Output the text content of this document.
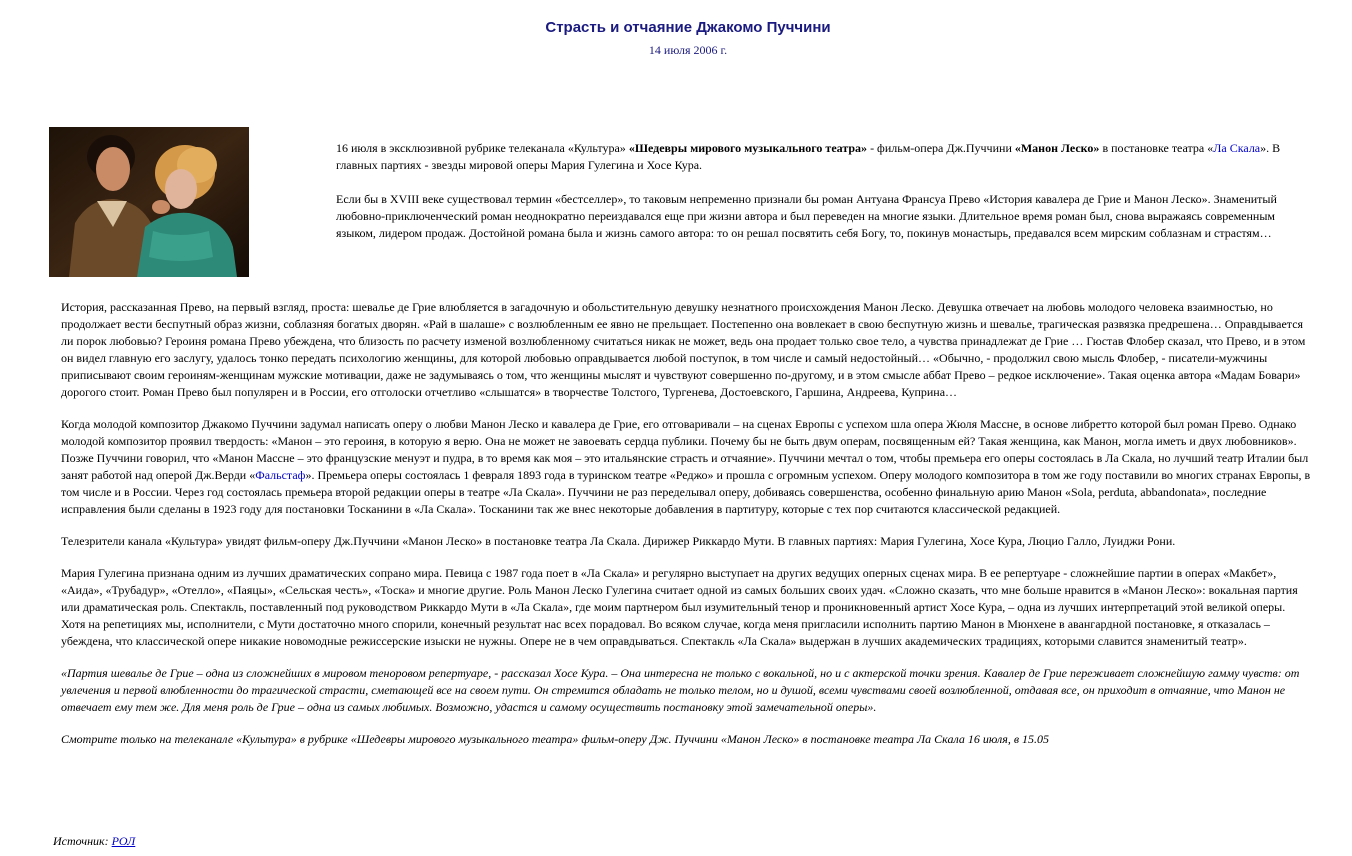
Страсть и отчаяние Джакомо Пуччини
14 июля 2006 г.

16 июля в эксклюзивной рубрике телеканала «Культура» «Шедевры мирового музыкального театра» - фильм-опера Дж.Пуччини «Манон Леско» в постановке театра «Ла Скала». В главных партиях - звезды мировой оперы Мария Гулегина и Хосе Кура.

Если бы в XVIII веке существовал термин «бестселлер», то таковым непременно признали бы роман Антуана Франсуа Прево «История кавалера де Грие и Манон Леско». Знаменитый любовно-приключенческий роман неоднократно переиздавался еще при жизни автора и был переведен на многие языки. Длительное время роман был, снова выражаясь современным языком, лидером продаж. Достойной романа была и жизнь самого автора: то он решал посвятить себя Богу, то, покинув монастырь, предавался всем мирским соблазнам и страстям…

История, рассказанная Прево, на первый взгляд, проста: шевалье де Грие влюбляется в загадочную и обольстительную девушку незнатного происхождения Манон Леско. Девушка отвечает на любовь молодого человека взаимностью, но продолжает вести беспутный образ жизни, соблазняя богатых дворян. «Рай в шалаше» с возлюбленным ее явно не прельщает. Постепенно она вовлекает в свою беспутную жизнь и шевалье, трагическая развязка предрешена… Оправдывается ли порок любовью? Героиня романа Прево убеждена, что близость по расчету изменой возлюбленному считаться никак не может, ведь она продает только свое тело, а чувства принадлежат де Грие … Гюстав Флобер сказал, что Прево, и в этом он видел главную его заслугу, удалось тонко передать психологию женщины, для которой любовью оправдывается любой поступок, в том числе и самый недостойный… «Обычно, - продолжил свою мысль Флобер, - писатели-мужчины приписывают своим героиням-женщинам мужские мотивации, даже не задумываясь о том, что женщины мыслят и чувствуют совершенно по-другому, и в этом смысле аббат Прево – редкое исключение». Такая оценка автора «Мадам Бовари» дорогого стоит. Роман Прево был популярен и в России, его отголоски отчетливо «слышатся» в творчестве Толстого, Тургенева, Достоевского, Гаршина, Андреева, Куприна…

Когда молодой композитор Джакомо Пуччини задумал написать оперу о любви Манон Леско и кавалера де Грие, его отговаривали – на сценах Европы с успехом шла опера Жюля Массне, в основе либретто которой был роман Прево. Однако молодой композитор проявил твердость: «Манон – это героиня, в которую я верю. Она не может не завоевать сердца публики. Почему бы не быть двум операм, посвященным ей? Такая женщина, как Манон, могла иметь и двух любовников». Позже Пуччини говорил, что «Манон Массне – это французские менуэт и пудра, в то время как моя – это итальянские страсть и отчаяние». Пуччини мечтал о том, чтобы премьера его оперы состоялась в Ла Скала, но лучший театр Италии был занят работой над оперой Дж.Верди «Фальстаф». Премьера оперы состоялась 1 февраля 1893 года в туринском театре «Реджо» и прошла с огромным успехом. Оперу молодого композитора в том же году поставили во многих странах Европы, в том числе и в России. Через год состоялась премьера второй редакции оперы в театре «Ла Скала». Пуччини не раз переделывал оперу, добиваясь совершенства, особенно финальную арию Манон «Sola, perduta, abbandonata», последние исправления были сделаны в 1923 году для постановки Тосканини в «Ла Скала». Тосканини так же внес некоторые добавления в партитуру, которые с тех пор считаются классической редакцией.

Телезрители канала «Культура» увидят фильм-оперу Дж.Пуччини «Манон Леско» в постановке театра Ла Скала. Дирижер Риккардо Мути. В главных партиях: Мария Гулегина, Хосе Кура, Люцио Галло, Луиджи Рони.

Мария Гулегина признана одним из лучших драматических сопрано мира. Певица с 1987 года поет в «Ла Скала» и регулярно выступает на других ведущих оперных сценах мира. В ее репертуаре - сложнейшие партии в операх «Макбет», «Аида», «Трубадур», «Отелло», «Паяцы», «Сельская честь», «Тоска» и многие другие. Роль Манон Леско Гулегина считает одной из самых больших своих удач. «Сложно сказать, что мне больше нравится в «Манон Леско»: вокальная партия или драматическая роль. Спектакль, поставленный под руководством Риккардо Мути в «Ла Скала», где моим партнером был изумительный тенор и проникновенный артист Хосе Кура, – одна из лучших интерпретаций этой великой оперы. Хотя на репетициях мы, исполнители, с Мути достаточно много спорили, конечный результат нас всех порадовал. Во всяком случае, когда меня пригласили исполнить партию Манон в Мюнхене в авангардной постановке, я отказалась – убеждена, что классической опере никакие новомодные режиссерские изыски не нужны. Опере не в чем оправдываться. Спектакль «Ла Скала» выдержан в лучших академических традициях, которыми славится знаменитый театр».

«Партия шевалье де Грие – одна из сложнейших в мировом теноровом репертуаре, - рассказал Хосе Кура. – Она интересна не только с вокальной, но и с актерской точки зрения. Кавалер де Грие переживает сложнейшую гамму чувств: от увлечения и первой влюбленности до трагической страсти, сметающей все на своем пути. Он стремится обладать не только телом, но и душой, всеми чувствами своей возлюбленной, отдавая все, он приходит в отчаяние, что Манон не отвечает ему тем же. Для меня роль де Грие – одна из самых любимых. Возможно, удастся и самому осуществить постановку этой замечательной оперы».

Смотрите только на телеканале «Культура» в рубрике «Шедевры мирового музыкального театра» фильм-оперу Дж. Пуччини «Манон Леско» в постановке театра Ла Скала 16 июля, в 15.05

Источник: РОЛ
